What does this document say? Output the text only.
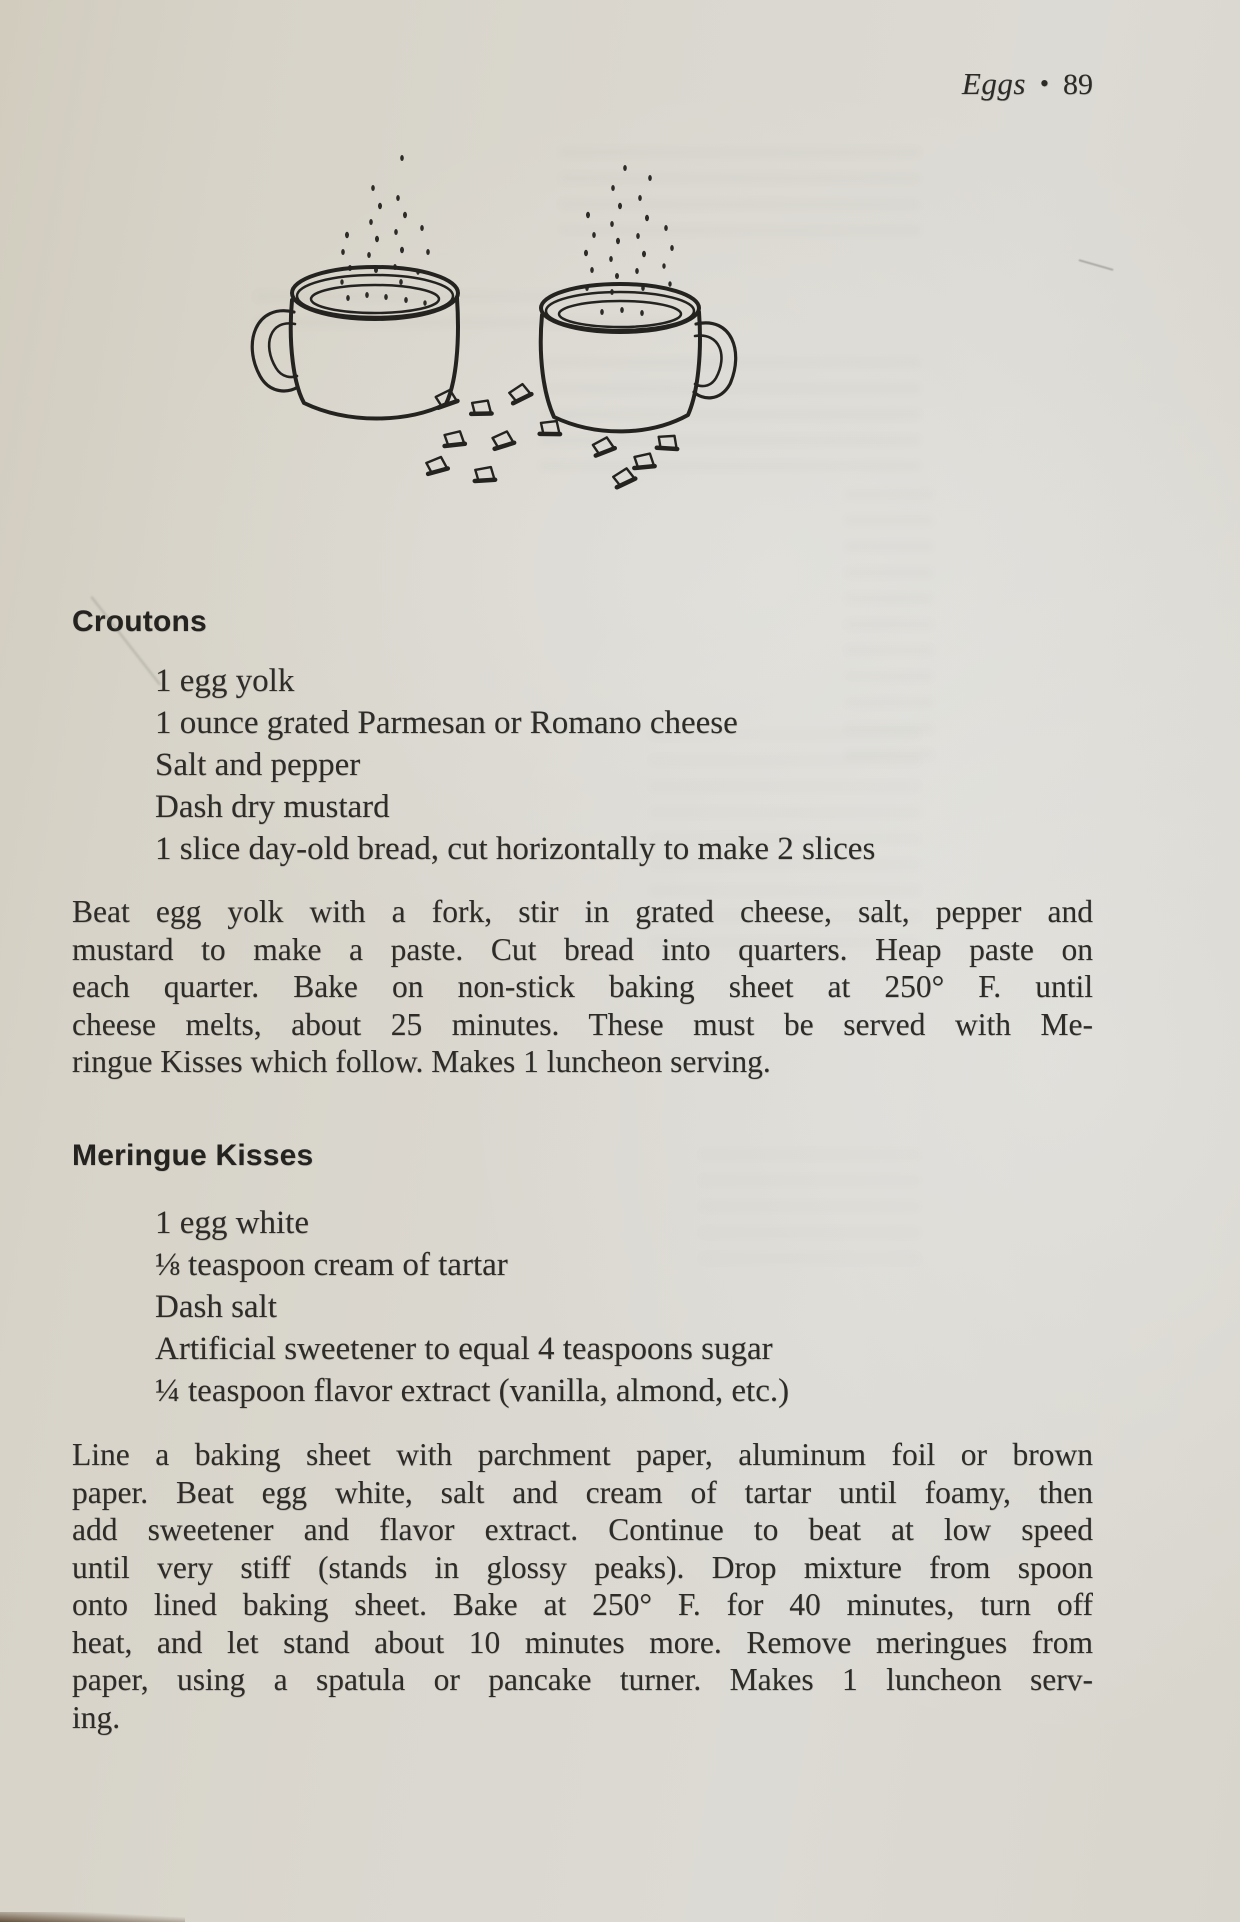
Eggs • 89
Croutons
1 egg yolk
1 ounce grated Parmesan or Romano cheese
Salt and pepper
Dash dry mustard
1 slice day-old bread, cut horizontally to make 2 slices
Beat egg yolk with a fork, stir in grated cheese, salt, pepper and
mustard to make a paste. Cut bread into quarters. Heap paste on
each quarter. Bake on non-stick baking sheet at 250° F. until
cheese melts, about 25 minutes. These must be served with Me-
ringue Kisses which follow. Makes 1 luncheon serving.
Meringue Kisses
1 egg white
⅛ teaspoon cream of tartar
Dash salt
Artificial sweetener to equal 4 teaspoons sugar
¼ teaspoon flavor extract (vanilla, almond, etc.)
Line a baking sheet with parchment paper, aluminum foil or brown
paper. Beat egg white, salt and cream of tartar until foamy, then
add sweetener and flavor extract. Continue to beat at low speed
until very stiff (stands in glossy peaks). Drop mixture from spoon
onto lined baking sheet. Bake at 250° F. for 40 minutes, turn off
heat, and let stand about 10 minutes more. Remove meringues from
paper, using a spatula or pancake turner. Makes 1 luncheon serv-
ing.
